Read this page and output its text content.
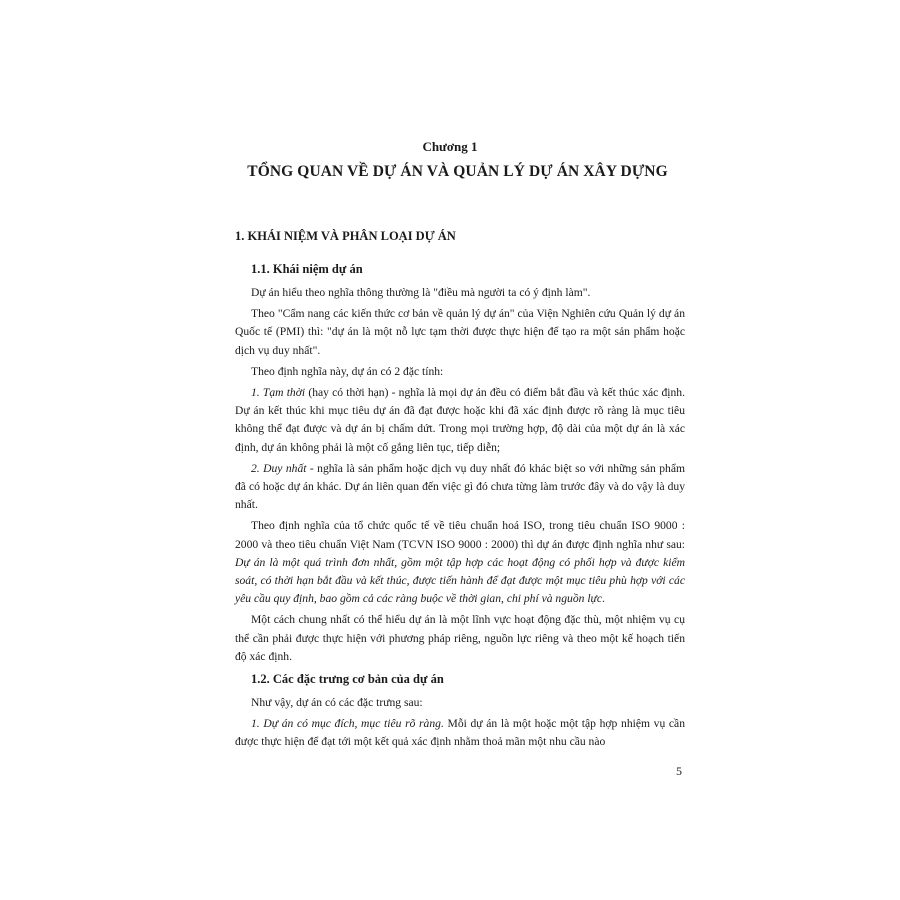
Chương 1
TỔNG QUAN VỀ DỰ ÁN VÀ QUẢN LÝ DỰ ÁN XÂY DỰNG
1. KHÁI NIỆM VÀ PHÂN LOẠI DỰ ÁN
1.1. Khái niệm dự án

Dự án hiểu theo nghĩa thông thường là "điều mà người ta có ý định làm".

Theo "Cẩm nang các kiến thức cơ bản về quản lý dự án" của Viện Nghiên cứu Quản lý dự án Quốc tế (PMI) thì: "dự án là một nỗ lực tạm thời được thực hiện để tạo ra một sản phẩm hoặc dịch vụ duy nhất".

Theo định nghĩa này, dự án có 2 đặc tính:

1. Tạm thời (hay có thời hạn) - nghĩa là mọi dự án đều có điểm bắt đầu và kết thúc xác định. Dự án kết thúc khi mục tiêu dự án đã đạt được hoặc khi đã xác định được rõ ràng là mục tiêu không thể đạt được và dự án bị chấm dứt. Trong mọi trường hợp, độ dài của một dự án là xác định, dự án không phải là một cố gắng liên tục, tiếp diễn;

2. Duy nhất - nghĩa là sản phẩm hoặc dịch vụ duy nhất đó khác biệt so với những sản phẩm đã có hoặc dự án khác. Dự án liên quan đến việc gì đó chưa từng làm trước đây và do vậy là duy nhất.

Theo định nghĩa của tổ chức quốc tế về tiêu chuẩn hoá ISO, trong tiêu chuẩn ISO 9000 : 2000 và theo tiêu chuẩn Việt Nam (TCVN ISO 9000 : 2000) thì dự án được định nghĩa như sau: Dự án là một quá trình đơn nhất, gồm một tập hợp các hoạt động có phối hợp và được kiểm soát, có thời hạn bắt đầu và kết thúc, được tiến hành để đạt được một mục tiêu phù hợp với các yêu cầu quy định, bao gồm cả các ràng buộc về thời gian, chi phí và nguồn lực.

Một cách chung nhất có thể hiểu dự án là một lĩnh vực hoạt động đặc thù, một nhiệm vụ cụ thể cần phải được thực hiện với phương pháp riêng, nguồn lực riêng và theo một kế hoạch tiến độ xác định.

1.2. Các đặc trưng cơ bản của dự án

Như vậy, dự án có các đặc trưng sau:

1. Dự án có mục đích, mục tiêu rõ ràng. Mỗi dự án là một hoặc một tập hợp nhiệm vụ cần được thực hiện để đạt tới một kết quả xác định nhằm thoả mãn một nhu cầu nào

5
